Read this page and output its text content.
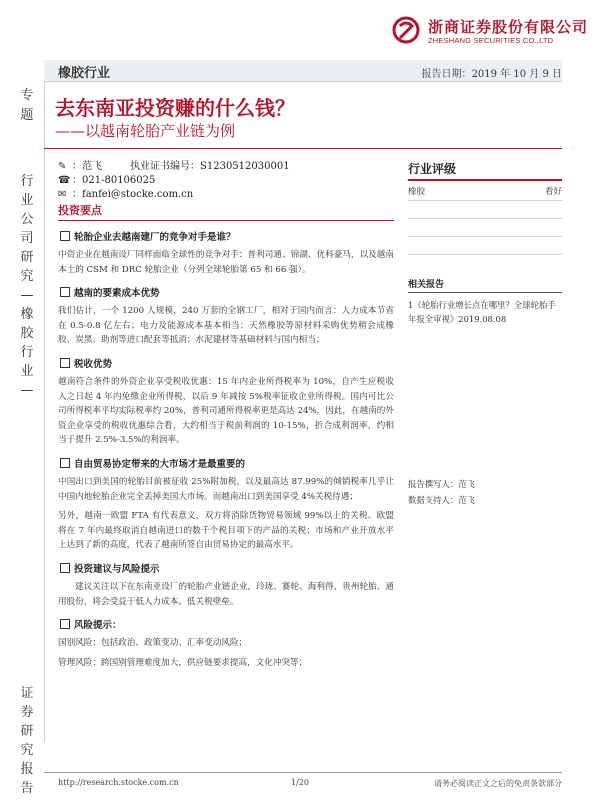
浙商证券股份有限公司
ZHESHANG SECURITIES CO.,LTD
橡胶行业	报告日期：2019 年 10 月 9 日
专题 去东南亚投资赚的什么钱？
——以越南轮胎产业链为例
行业公司研究—橡胶行业—
✎ ： 范飞	执业证书编号： S1230512030001
☎ ：021-80106025
✉ ：fanfei@stocke.com.cn
投资要点
轮胎企业去越南建厂的竞争对手是谁？
中资企业在越南设厂同样面临全球性的竞争对手：普利司通、锦湖、优科豪马，以及越南本土的 CSM 和 DRC 轮胎企业（分列全球轮胎第 65 和 66 强）。
越南的要素成本优势
我们估计，一个 1200 人规模，240 万套的全钢工厂，相对于国内而言：人力成本节省在 0.5-0.8 亿左右；电力及能源成本基本相当；天然橡胶等原材料采购优势稍会成橡胶、炭黑、助剂等进口配套等抵消；水泥建材等基础材料与国内相当；
税收优势
越南符合条件的外资企业享受税收优惠：15 年内企业所得税率为 10%，自产生应税收入之日起 4 年内免缴企业所得税，以后 9 年减按 5%税率征收企业所得税。国内可比公司所得税率平均实际税率约 20%，普利司通所得税率更是高达 24%，因此，在越南的外资企业享受的税收优惠综合看，大约相当于税前利润的 10-15%，折合成利润率，约相当于提升 2.5%-3.5%的利润率。
自由贸易协定带来的大市场才是最重要的
中国出口到美国的轮胎目前被征收 25%附加税，以及最高达 87.99%的倾销税率几乎让中国内地轮胎企业完全丢掉美国大市场。而越南出口到美国享受 4%关税待遇；
另外，越南一欧盟 FTA 有代表意义，双方将消除货物贸易领域 99%以上的关税。欧盟将在 7 年内最终取消自越南进口的数千个税目项下的产品的关税；市场和产业开放水平上达到了新的高度，代表了越南所签自由贸易协定的最高水平。
投资建议与风险提示
建议关注以下在东南亚设厂的轮胎产业链企业，玲珑、赛轮、海利得、贵州轮胎、通用股份，将会受益于低人力成本、低关税壁垒。
风险提示：
国别风险：包括政治、政策变动、汇率变动风险；
管理风险：跨国别管理难度加大，供应链要求提高，文化冲突等；
行业评级
橡胶	看好
相关报告
1《轮胎行业增长点在哪里？全球轮胎手年报全审视》2019.08.08
报告撰写人：范飞
数据支持人：范飞
证券研究报告	http://research.stocke.com.cn	1/20	请务必阅读正文之后的免责条款部分
